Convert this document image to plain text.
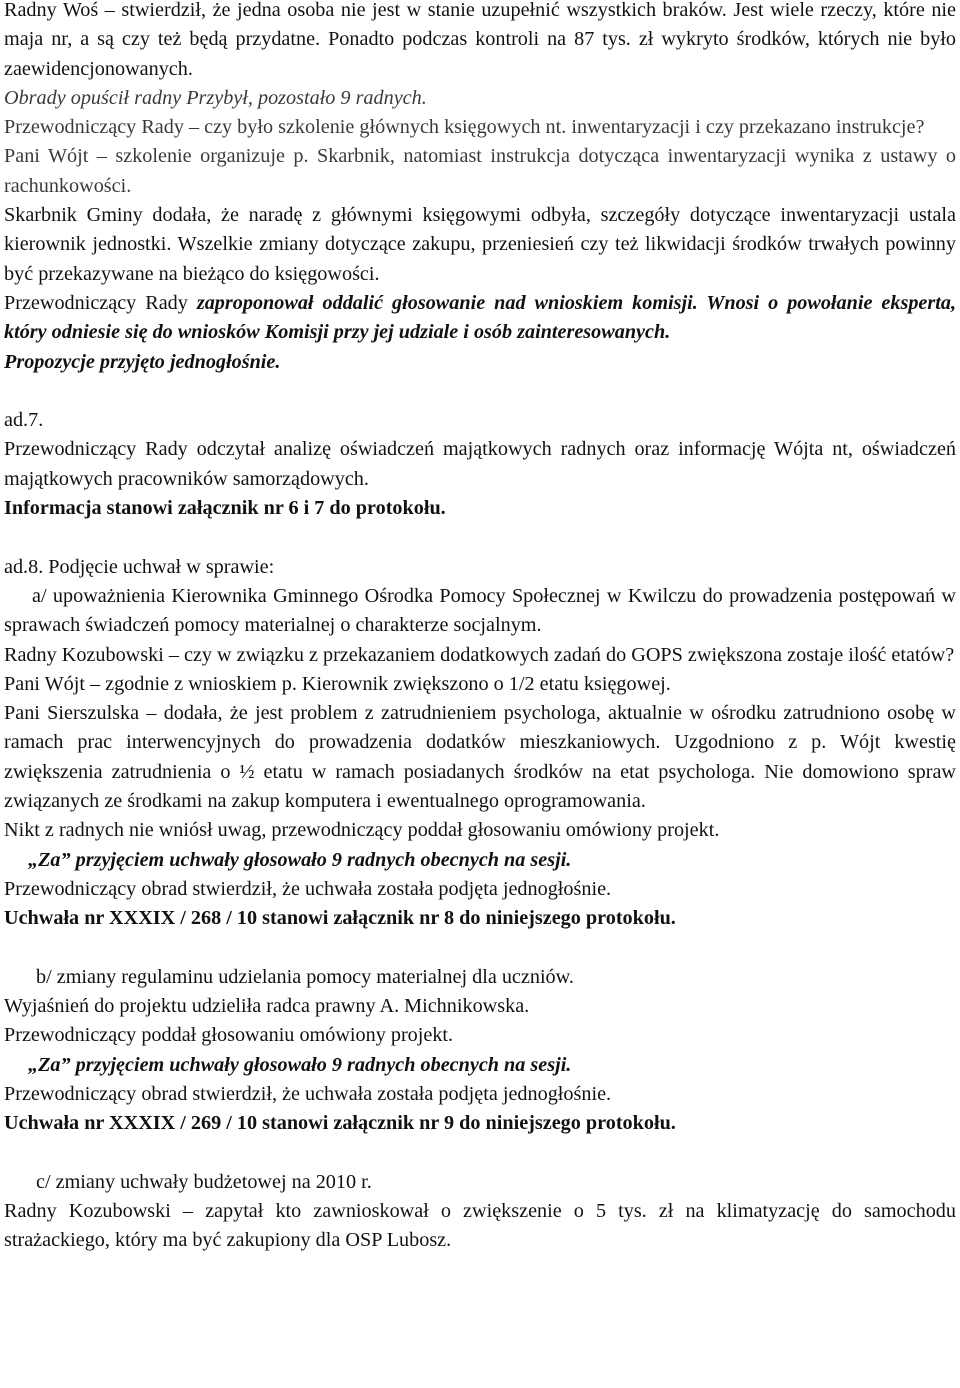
Radny Woś – stwierdził, że jedna osoba nie jest w stanie uzupełnić wszystkich braków. Jest wiele rzeczy, które nie maja nr, a są czy też będą przydatne. Ponadto podczas kontroli na 87 tys. zł wykryto środków, których nie było zaewidencjonowanych.
Obrady opuścił radny Przybył, pozostało 9 radnych.
Przewodniczący Rady – czy było szkolenie głównych księgowych nt. inwentaryzacji i czy przekazano instrukcje?
Pani Wójt – szkolenie organizuje p. Skarbnik, natomiast instrukcja dotycząca inwentaryzacji wynika z ustawy o rachunkowości.
Skarbnik Gminy dodała, że naradę z głównymi księgowymi odbyła, szczegóły dotyczące inwentaryzacji ustala kierownik jednostki. Wszelkie zmiany dotyczące zakupu, przeniesień czy też likwidacji środków trwałych powinny być przekazywane na bieżąco do księgowości.
Przewodniczący Rady zaproponował oddalić głosowanie nad wnioskiem komisji. Wnosi o powołanie eksperta, który odniesie się do wniosków Komisji przy jej udziale i osób zainteresowanych.
Propozycje przyjęto jednogłośnie.
ad.7.
Przewodniczący Rady odczytał analizę oświadczeń majątkowych radnych oraz informację Wójta nt, oświadczeń majątkowych pracowników samorządowych.
Informacja stanowi załącznik nr 6 i 7 do protokołu.
ad.8. Podjęcie uchwał w sprawie:
a/ upoważnienia Kierownika Gminnego Ośrodka Pomocy Społecznej w Kwilczu do prowadzenia postępowań w sprawach świadczeń pomocy materialnej o charakterze socjalnym.
Radny Kozubowski – czy w związku z przekazaniem dodatkowych zadań do GOPS zwiększona zostaje ilość etatów?
Pani Wójt – zgodnie z wnioskiem p. Kierownik zwiększono o 1/2 etatu księgowej.
Pani Sierszulska – dodała, że jest problem z zatrudnieniem psychologa, aktualnie w ośrodku zatrudniono osobę w ramach prac interwencyjnych do prowadzenia dodatków mieszkaniowych. Uzgodniono z p. Wójt kwestię zwiększenia zatrudnienia o ½ etatu w ramach posiadanych środków na etat psychologa. Nie domowiono spraw związanych ze środkami na zakup komputera i ewentualnego oprogramowania.
Nikt z radnych nie wniósł uwag, przewodniczący poddał głosowaniu omówiony projekt.
„Za” przyjęciem uchwały głosowało 9 radnych obecnych na sesji.
Przewodniczący obrad stwierdził, że uchwała została podjęta jednogłośnie.
Uchwała nr XXXIX / 268 / 10 stanowi załącznik nr 8 do niniejszego protokołu.
b/ zmiany regulaminu udzielania pomocy materialnej dla uczniów.
Wyjaśnień do projektu udzieliła radca prawny A. Michnikowska.
Przewodniczący poddał głosowaniu omówiony projekt.
„Za” przyjęciem uchwały głosowało 9 radnych obecnych na sesji.
Przewodniczący obrad stwierdził, że uchwała została podjęta jednogłośnie.
Uchwała nr XXXIX / 269 / 10 stanowi załącznik nr 9 do niniejszego protokołu.
c/ zmiany uchwały budżetowej na 2010 r.
Radny Kozubowski – zapytał kto zawnioskował o zwiększenie o 5 tys. zł na klimatyzację do samochodu strażackiego, który ma być zakupiony dla OSP Lubosz.
